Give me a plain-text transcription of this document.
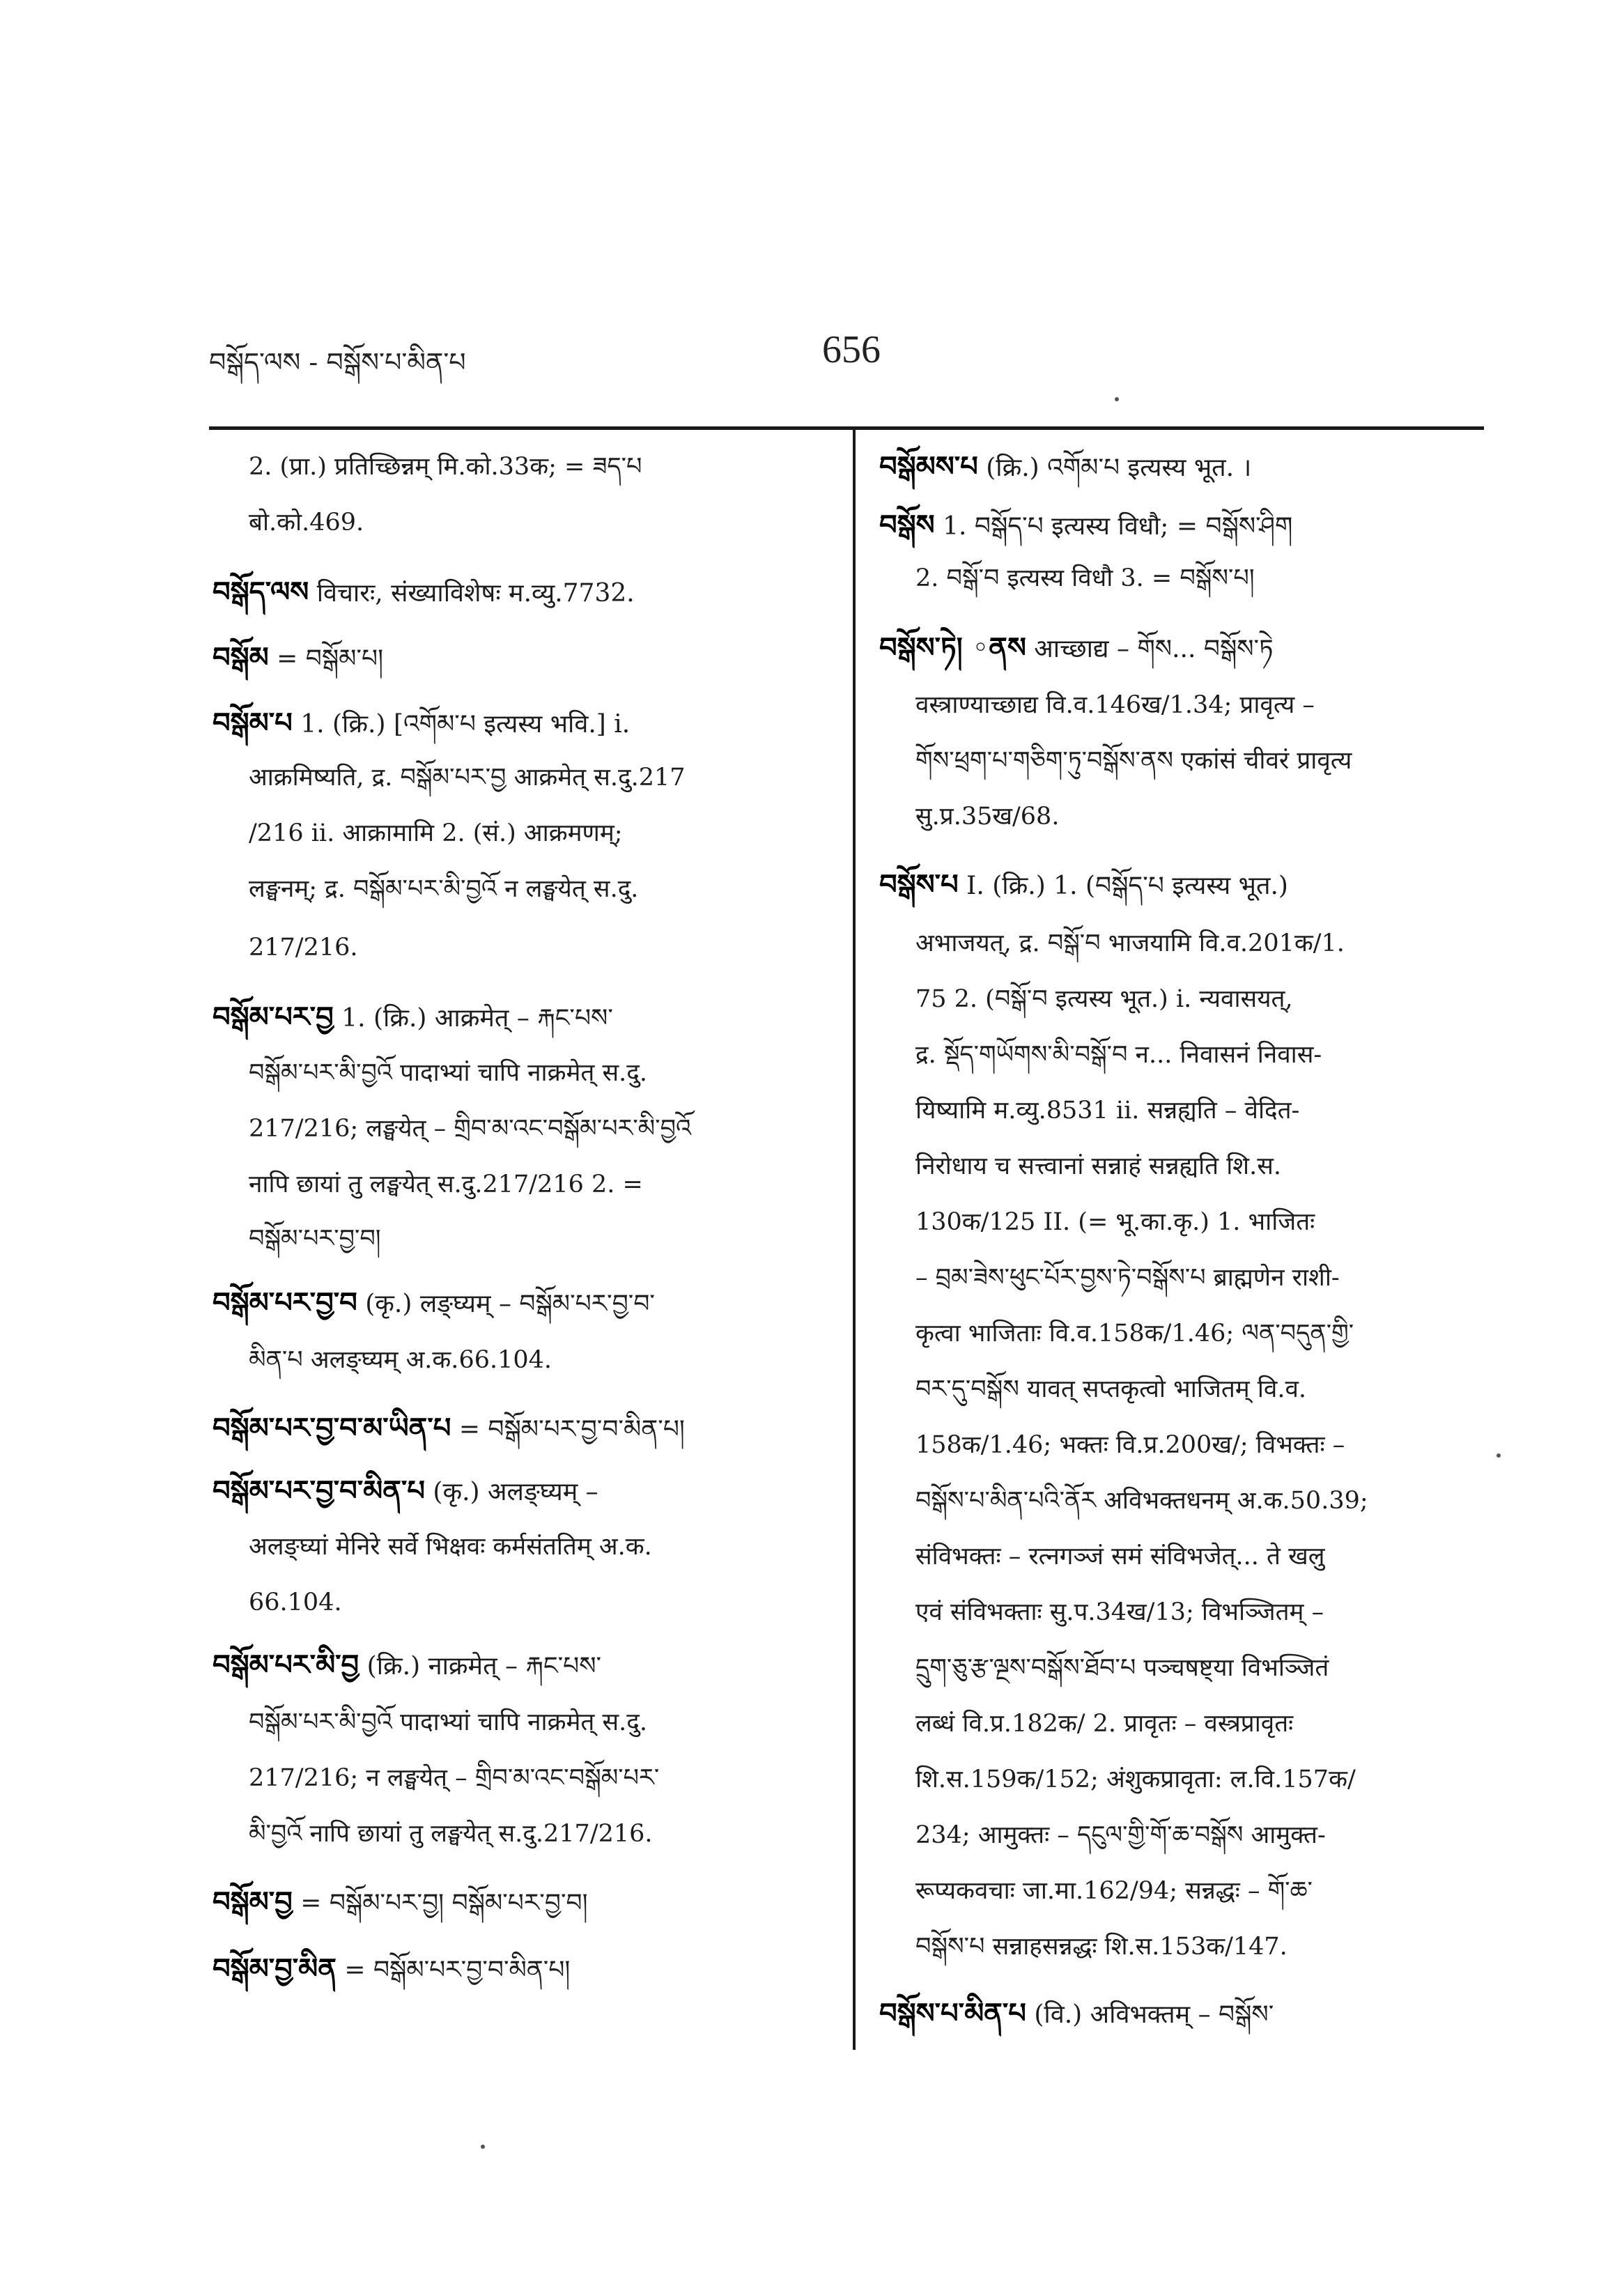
བསྒོད་ལས - བསྒོས་པ་མིན་པ	656
2. (प्रा.) प्रतिच्छिन्नम् मि.को.33क; = ཟད་པ
बो.को.469.
བསྒོད་ལས विचारः, संख्याविशेषः म.व्यु.7732.
བསྒོམ = བསྒོམ་པ།
བསྒོམ་པ 1. (क्रि.) [འགོམ་པ इत्यस्य भवि.] i.
आक्रमिष्यति, द्र. བསྒོམ་པར་བྱ आक्रमेत् स.दु.217
/216 ii. आक्रामामि 2. (सं.) आक्रमणम्;
लङ्घनम्; द्र. བསྒོམ་པར་མི་བྱའོ न लङ्घयेत् स.दु.
217/216.
བསྒོམ་པར་བྱ 1. (क्रि.) आक्रमेत् – རྐང་པས་
བསྒོམ་པར་མི་བྱའོ पादाभ्यां चापि नाक्रमेत् स.दु.
217/216; लङ्घयेत् – གྲིབ་མ་འང་བསྒོམ་པར་མི་བྱའོ
नापि छायां तु लङ्घयेत् स.दु.217/216 2. =
བསྒོམ་པར་བྱ་བ།
བསྒོམ་པར་བྱ་བ (कृ.) लङ्घ्यम् – བསྒོམ་པར་བྱ་བ་
མིན་པ अलङ्घ्यम् अ.क.66.104.
བསྒོམ་པར་བྱ་བ་མ་ཡིན་པ = བསྒོམ་པར་བྱ་བ་མིན་པ།
བསྒོམ་པར་བྱ་བ་མིན་པ (कृ.) अलङ्घ्यम् –
अलङ्घ्यां मेनिरे सर्वे भिक्षवः कर्मसंततिम् अ.क.
66.104.
བསྒོམ་པར་མི་བྱ (क्रि.) नाक्रमेत् – རྐང་པས་
བསྒོམ་པར་མི་བྱའོ पादाभ्यां चापि नाक्रमेत् स.दु.
217/216; न लङ्घयेत् – གྲིབ་མ་འང་བསྒོམ་པར་
མི་བྱའོ नापि छायां तु लङ्घयेत् स.दु.217/216.
བསྒོམ་བྱ = བསྒོམ་པར་བྱ། བསྒོམ་པར་བྱ་བ།
བསྒོམ་བྱ་མིན = བསྒོམ་པར་བྱ་བ་མིན་པ།
བསྒོམས་པ (क्रि.) འགོམ་པ इत्यस्य भूत. ।
བསྒོས 1. བསྒོད་པ इत्यस्य विधौ; = བསྒོས་ཤིག
2. བསྒོ་བ इत्यस्य विधौ 3. = བསྒོས་པ།
བསྒོས་ཏེ། ◦ནས आच्छाद्य – གོས... བསྒོས་ཏེ
वस्त्राण्याच्छाद्य वि.व.146ख/1.34; प्रावृत्य –
གོས་ཕྲག་པ་གཅིག་ཏུ་བསྒོས་ནས एकांसं चीवरं प्रावृत्य
सु.प्र.35ख/68.
བསྒོས་པ I. (क्रि.) 1. (བསྒོད་པ इत्यस्य भूत.)
अभाजयत्, द्र. བསྒོ་བ भाजयामि वि.व.201क/1.
75 2. (བསྒོ་བ इत्यस्य भूत.) i. न्यवासयत्,
द्र. སྡོད་གཡོགས་མི་བསྒོ་བ न... निवासनं निवास-
यिष्यामि म.व्यु.8531 ii. सन्नह्यति – वेदित-
निरोधाय च सत्त्वानां सन्नाहं सन्नह्यति शि.स.
130क/125 II. (= भू.का.कृ.) 1. भाजितः
– བྲམ་ཟེས་ཕུང་པོར་བྱས་ཏེ་བསྒོས་པ ब्राह्मणेन राशी-
कृत्वा भाजिताः वि.व.158क/1.46; ལན་བདུན་གྱི་
བར་དུ་བསྒོས यावत् सप्तकृत्वो भाजितम् वि.व.
158क/1.46; भक्तः वि.प्र.200ख/; विभक्तः –
བསྒོས་པ་མིན་པའི་ནོར अविभक्तधनम् अ.क.50.39;
संविभक्तः – रत्नगञ्जं समं संविभजेत्... ते खलु
एवं संविभक्ताः सु.प.34ख/13; विभञ्जितम् –
དྲུག་ཅུ་རྩ་ལྔས་བསྒོས་ཐོབ་པ पञ्चषष्ट्या विभञ्जितं
लब्धं वि.प्र.182क/ 2. प्रावृतः – वस्त्रप्रावृतः
शि.स.159क/152; अंशुकप्रावृता: ल.वि.157क/
234; आमुक्तः – དངུལ་གྱི་གོ་ཆ་བསྒོས आमुक्त-
रूप्यकवचाः जा.मा.162/94; सन्नद्धः – གོ་ཆ་
བསྒོས་པ सन्नाहसन्नद्धः शि.स.153क/147.
བསྒོས་པ་མིན་པ (वि.) अविभक्तम् – བསྒོས་
